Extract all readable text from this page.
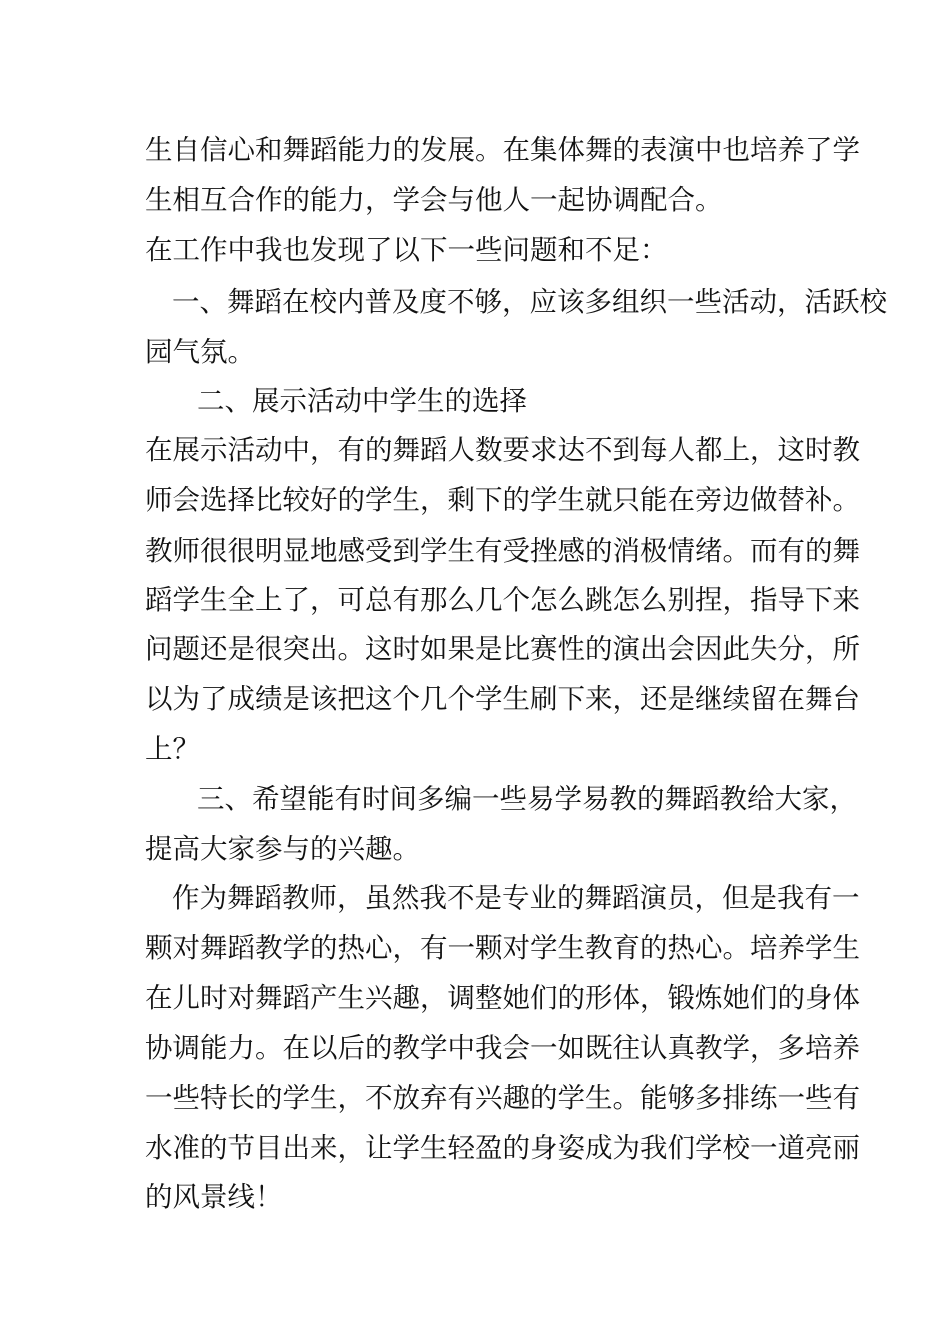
生自信心和舞蹈能力的发展。在集体舞的表演中也培养了学

生相互合作的能力，学会与他人一起协调配合。

在工作中我也发现了以下一些问题和不足：

一、舞蹈在校内普及度不够，应该多组织一些活动，活跃校

园气氛。

二、展示活动中学生的选择

在展示活动中，有的舞蹈人数要求达不到每人都上，这时教

师会选择比较好的学生，剩下的学生就只能在旁边做替补。

教师很很明显地感受到学生有受挫感的消极情绪。而有的舞

蹈学生全上了，可总有那么几个怎么跳怎么别捏，指导下来

问题还是很突出。这时如果是比赛性的演出会因此失分，所

以为了成绩是该把这个几个学生刷下来，还是继续留在舞台

上？

三、希望能有时间多编一些易学易教的舞蹈教给大家，

提高大家参与的兴趣。

作为舞蹈教师，虽然我不是专业的舞蹈演员，但是我有一

颗对舞蹈教学的热心，有一颗对学生教育的热心。培养学生

在儿时对舞蹈产生兴趣，调整她们的形体，锻炼她们的身体

协调能力。在以后的教学中我会一如既往认真教学，多培养

一些特长的学生，不放弃有兴趣的学生。能够多排练一些有

水准的节目出来，让学生轻盈的身姿成为我们学校一道亮丽

的风景线！
